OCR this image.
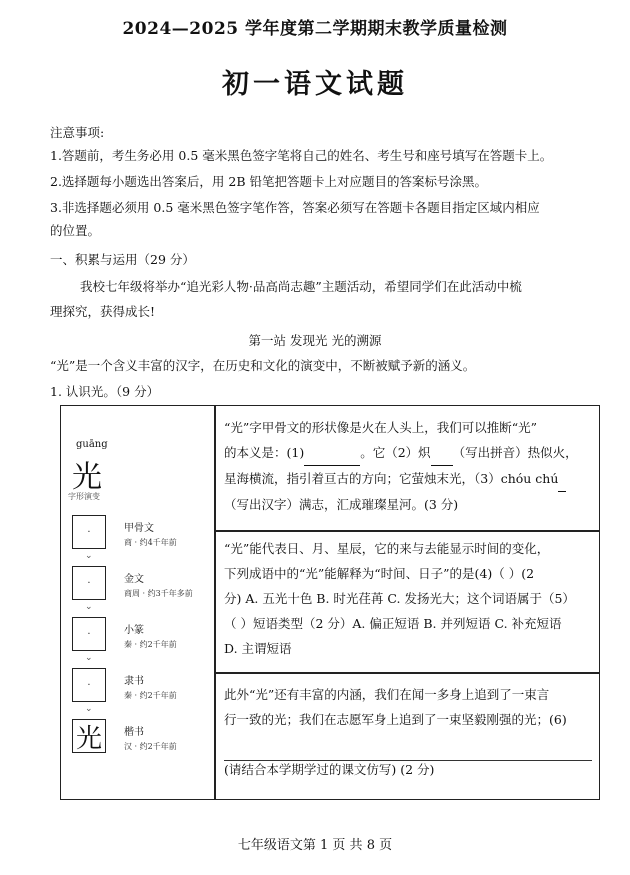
2024—2025 学年度第二学期期末教学质量检测
初一语文试题
注意事项:
1.答题前，考生务必用 0.5 毫米黑色签字笔将自己的姓名、考生号和座号填写在答题卡上。
2.选择题每小题选出答案后，用 2B 铅笔把答题卡上对应题目的答案标号涂黑。
3.非选择题必须用 0.5 毫米黑色签字笔作答，答案必须写在答题卡各题目指定区域内相应
的位置。
一、积累与运用（29 分）
我校七年级将举办“追光彩人物·品高尚志趣”主题活动，希望同学们在此活动中梳
理探究，获得成长!
第一站 发现光 光的溯源
“光”是一个含义丰富的汉字，在历史和文化的演变中，不断被赋予新的涵义。
1. 认识光。（9 分）
guāng
光
字形演变
·	甲骨文
商 · 约4千年前
⌄
·	金文
商周 · 约3千年多前
⌄
·	小篆
秦 · 约2千年前
⌄
·	隶书
秦 · 约2千年前
⌄
光	楷书
汉 · 约2千年前
“光”字甲骨文的形状像是火在人头上，我们可以推断“光”
的本义是：(1)	。它（2）炽 （写出拼音）热似火，
星海横流，指引着亘古的方向；它萤烛末光，（3）chóu chú
（写出汉字）满志，汇成璀璨星河。(3 分)
“光”能代表日、月、星辰，它的来与去能显示时间的变化，
下列成语中的“光”能解释为“时间、日子”的是(4)（ ）(2
分) A. 五光十色 B. 时光荏苒 C. 发扬光大；这个词语属于（5）
（ ）短语类型（2 分）A. 偏正短语 B. 并列短语 C. 补充短语
D. 主谓短语
此外“光”还有丰富的内涵，我们在闻一多身上追到了一束言
行一致的光；我们在志愿军身上追到了一束坚毅刚强的光；(6)
(请结合本学期学过的课文仿写) (2 分)
七年级语文第 1 页 共 8 页
